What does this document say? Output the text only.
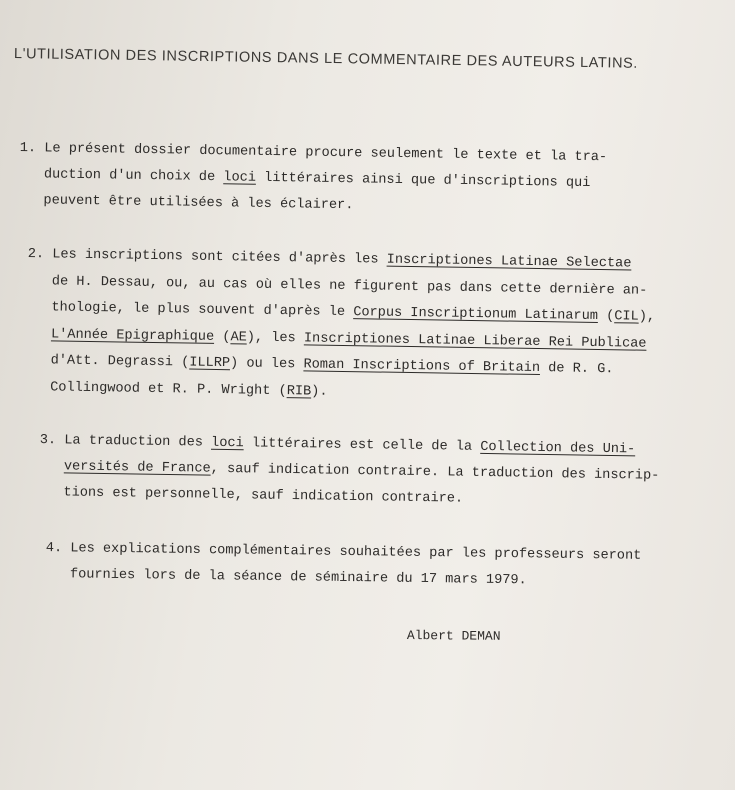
L'UTILISATION DES INSCRIPTIONS DANS LE COMMENTAIRE DES AUTEURS LATINS.

1. Le présent dossier documentaire procure seulement le texte et la tra-
duction d'un choix de loci littéraires ainsi que d'inscriptions qui
peuvent être utilisées à les éclairer.

2. Les inscriptions sont citées d'après les Inscriptiones Latinae Selectae
de H. Dessau, ou, au cas où elles ne figurent pas dans cette dernière an-
thologie, le plus souvent d'après le Corpus Inscriptionum Latinarum (CIL),
L'Année Epigraphique (AE), les Inscriptiones Latinae Liberae Rei Publicae
d'Att. Degrassi (ILLRP) ou les Roman Inscriptions of Britain de R. G.
Collingwood et R. P. Wright (RIB).

3. La traduction des loci littéraires est celle de la Collection des Uni-
versités de France, sauf indication contraire. La traduction des inscrip-
tions est personnelle, sauf indication contraire.

4. Les explications complémentaires souhaitées par les professeurs seront
fournies lors de la séance de séminaire du 17 mars 1979.

Albert DEMAN
